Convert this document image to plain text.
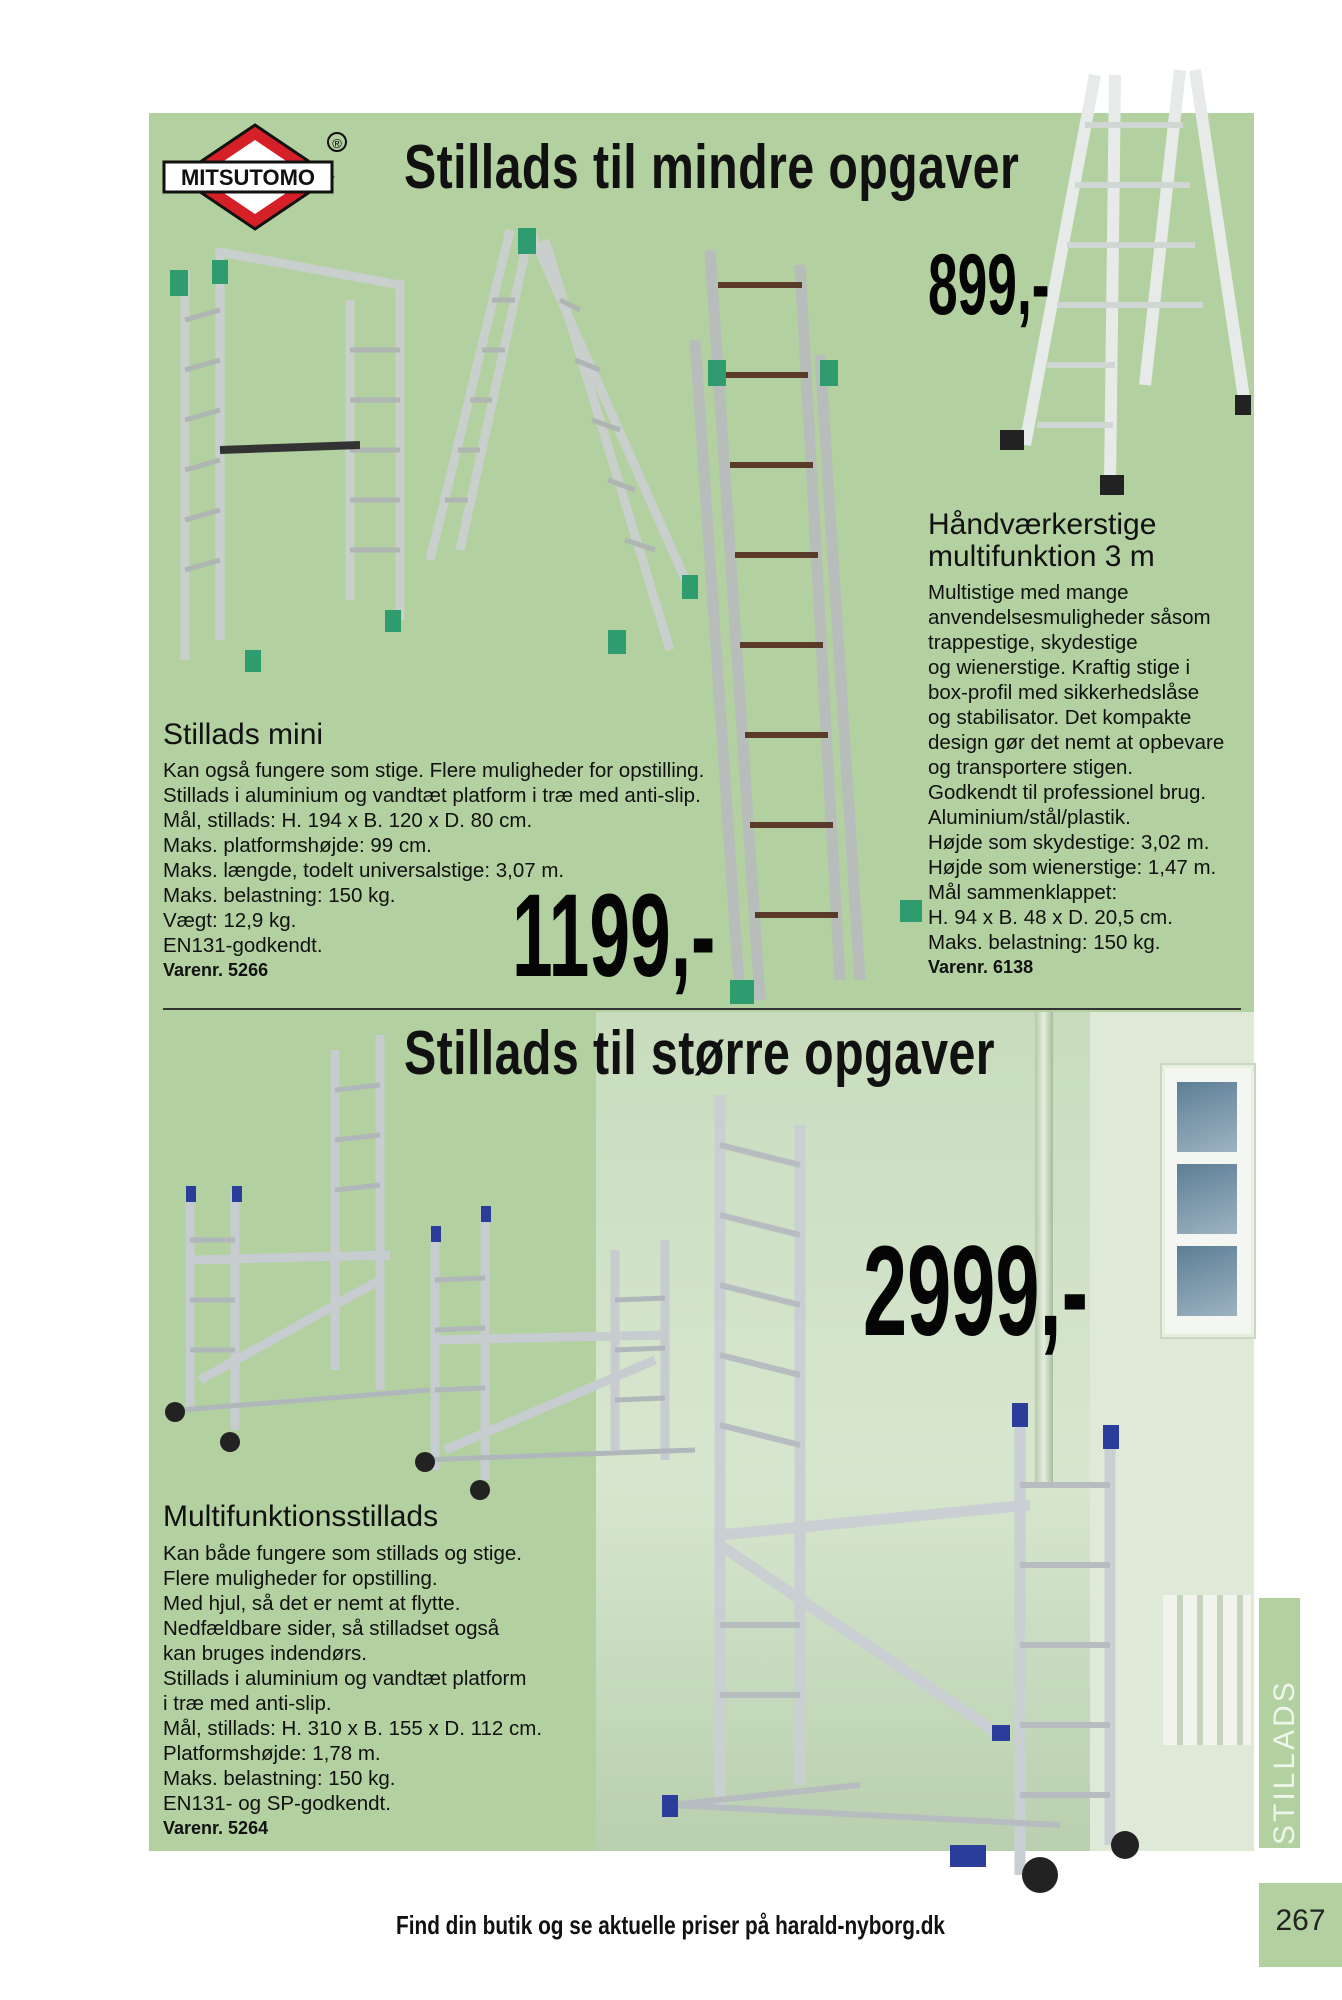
MITSUTOMO
® Stillads til mindre opgaver
Stillads til større opgaver
Stillads mini
Kan også fungere som stige. Flere muligheder for opstilling.
Stillads i aluminium og vandtæt platform i træ med anti-slip.
Mål, stillads: H. 194 x B. 120 x D. 80 cm.
Maks. platformshøjde: 99 cm.
Maks. længde, todelt universalstige: 3,07 m.
Maks. belastning: 150 kg.
Vægt: 12,9 kg.
EN131-godkendt.
Varenr. 5266	1199,-
Håndværkerstige
multifunktion 3 m
Multistige med mange
anvendelsesmuligheder såsom
trappestige, skydestige
og wienerstige. Kraftig stige i
box-profil med sikkerhedslåse
og stabilisator. Det kompakte
design gør det nemt at opbevare
og transportere stigen.
Godkendt til professionel brug.
Aluminium/stål/plastik.
Højde som skydestige: 3,02 m.
Højde som wienerstige: 1,47 m.
Mål sammenklappet:
H. 94 x B. 48 x D. 20,5 cm.
Maks. belastning: 150 kg.
Varenr. 6138
899,-
Multifunktionsstillads
Kan både fungere som stillads og stige.
Flere muligheder for opstilling.
Med hjul, så det er nemt at flytte.
Nedfældbare sider, så stilladset også
kan bruges indendørs.
Stillads i aluminium og vandtæt platform
i træ med anti-slip.
Mål, stillads: H. 310 x B. 155 x D. 112 cm.
Platformshøjde: 1,78 m.
Maks. belastning: 150 kg.
EN131- og SP-godkendt.
Varenr. 5264
2999,-
STILLADS
267
Find din butik og se aktuelle priser på harald-nyborg.dk
